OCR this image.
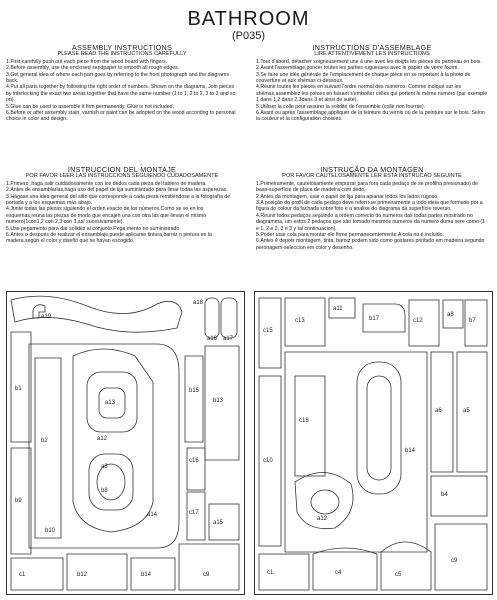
BATHROOM
(P035)
ASSEMBLY INSTRUCTIONS
PLEASE READ THE INSTRUCTIONS CAREFULLY

1.First,carefully push out each piece from the wood board with fingers.

2.Before assembly, use the enclosed sandpaper to smooth all rough edges.

3.Get general idea of where each part goes by referring to the front photograph and the diagrams back.

4.Put all parts together by following the right order of numbers. Shown on the diagrams, Join pieces by interlocking the exact two areas together that have the same number (1 to 1, 2 to 2, 3 to 3 and so on).

5.Glue can be used to assemble it firm permanently. Glue is not included.

6.Before or after assembly stain, varnish or paint can be adopted on the wood according to personal choice in color and design.

INSTRUCTIONS D'ASSEMBLAGE
LIRE ATTENTIVEMENT LES INSTRUCTIONS

1.Tout d'abord, détacher soigneusement une à une avec les doigts les pièces du panneau en bois.

2.Avant l'assemblage,poncer toutes les parties rugueuses avec le papier de verre fourni.

3.Se faire une idée générale de l'emplacement de chaque pièce en se reportant à la photo de couverture et aux shémas ci-dessous.

4.Réunir toutes les pièces en suivant l'ordre normal des numéros. Comme indiqué sur les shémas,assemblez les pièces en faisant s'emboîter celles qui portent le même numéro (par exemple 1 dans 1,2 dans 2,3dans 3 et ainsi de suite).

5.Utiliser la colle pour assurer la solidité de l'ensemble (colle non fournie).

6.Avant ou après l'assemblage,appliquer de la teinture du vernis ou de la peinture sur le bois. Selon la couleur et la configuration choisies.

INSTRUCCION DEL MONTAJE
POR FAVOR LEER LAS INSTRUCCIONS SEGUIENDO CUDADOSAMENTE

1.Primero ,haga salir cuidadosamente con los dedos cada pieza del tablero de madera.

2.Antes de ensamblarlas,haga uso del papel de lija suministrado para limar todas las asperezas.

3.Hágase una idea general del sitio que corresponde a cada pieza remitiéndose a la fotografía de portada y a los esquemas más abajo.

4.Junte todas las piezas siguiendo el orden exacto de los números.Como se ve en los esquemas,reúna las piezas de modo que encajen una con otra las que llevan el mismo numero(1con1,2 con 2,3 con 3,así sucesivamente).

5.Use pegamento para dar solidez al conjunto.Pega mento no suministrado.

6.Antes o después de realizar el ensamblaje,puede aplicarse tintura,barniz o pintura en la madera,según el color y diseñó que se hayan escogido.

INSTRUÇÃO DA MONTAGEN
POR FAVOR CAUTELOSAMENTE LER ESTA INSTRUCAO SEGUINTE

1.Primeiramente, cautelosamente empurrar para fora cada pedaço de se profilha presionado) de base-superfície de placa de madeira com dedo.

2.Antes da montagem, usar o papel de lija para apianar todos los lados rugoso.

3.A posição do profil de cada pedaço deve referri-se primeiramente a todo ideia que formado por a figura do colour da fachada sobre foto e a analise do diagrama da superfície reverso.

4.Reunir todos pedaços seguindo a ordem correcto do numeros das todas partes mostrado no diagramma, um estos 2 pedaços que são tomado mesmos numeros da numero duma sere como (1 e 1, 2 e 2, 3 e 3 y tal continuacion).

5.Poder usar cola para montar ele firme permanecentemente.A cola no é incluido.

6.Antes ê depois montagem, tinta, barniz podem sido como gostares printado em madeira segundo peronagem-seleccion em color y desenho.

a19
a18
a16 a17
b1
b9
b2
b10
a13
a12
a3
b8
b15
c16
c17
b13
a14
c1	b12	b14	c9
a15
c15
c13
a11
b17	c12
a8
b7
a6	a5
c18
c10
b14
a12
b4
c1	c4	c5
c9
